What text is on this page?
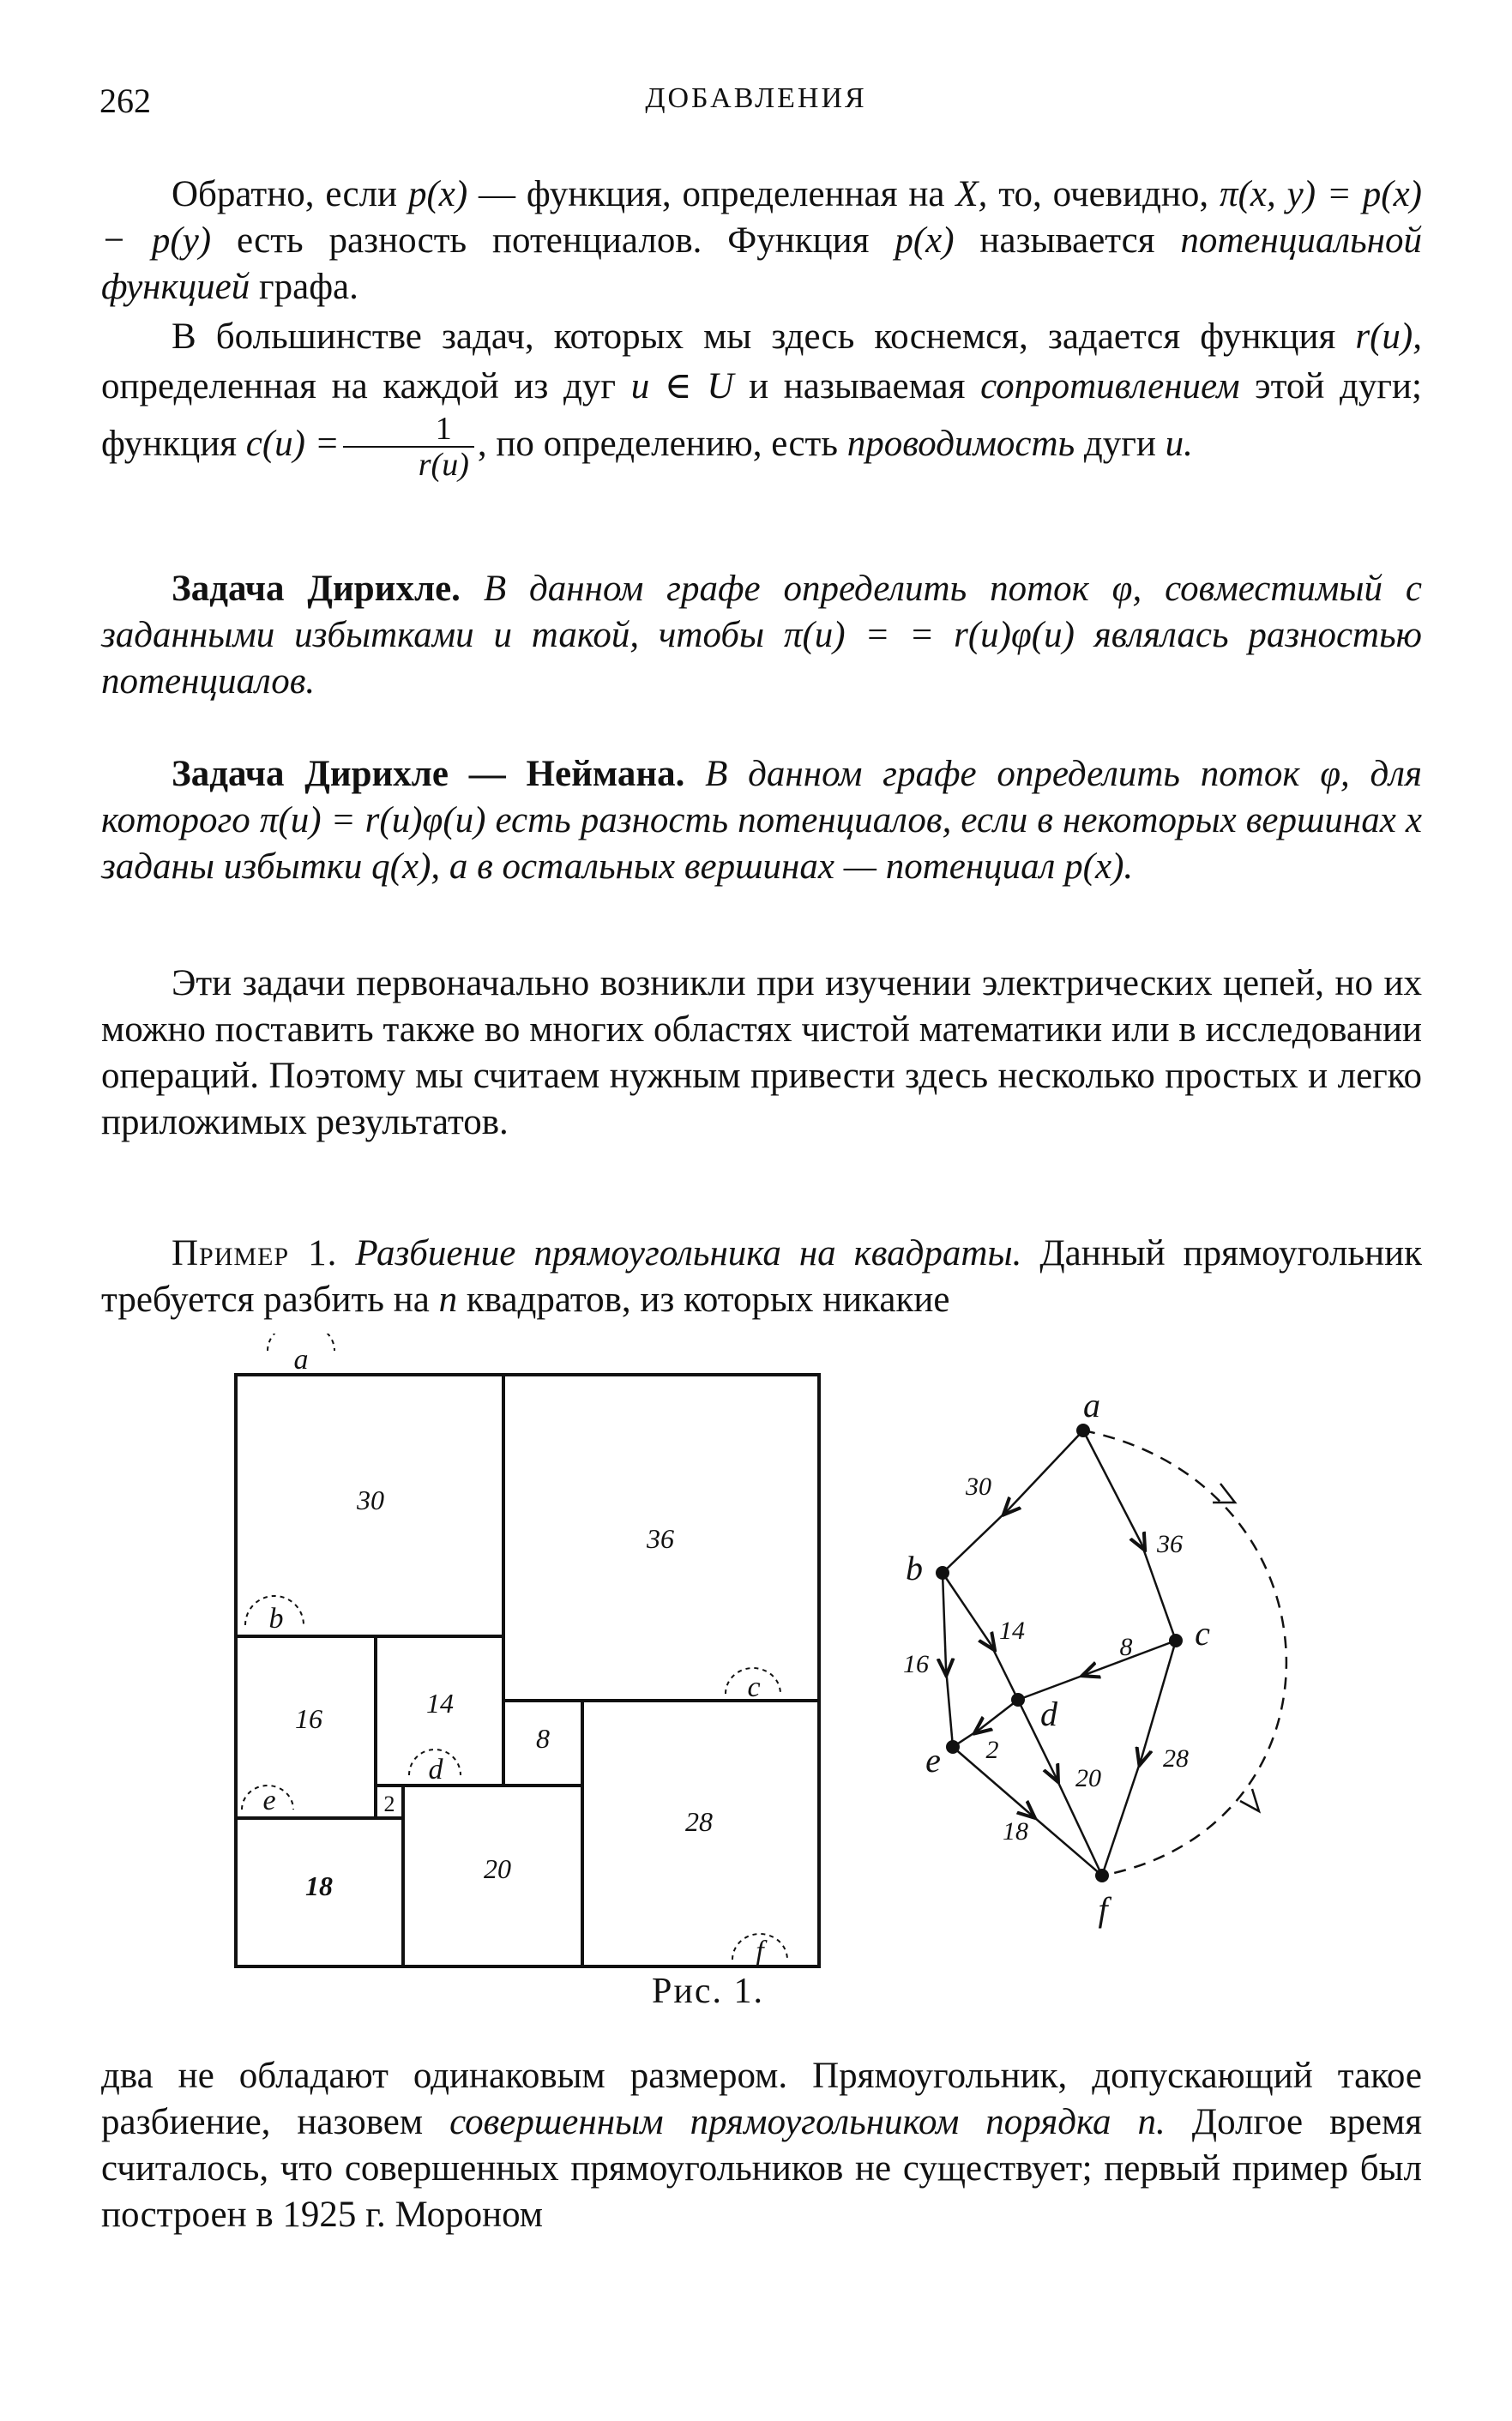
262	ДОБАВЛЕНИЯ

Обратно, если p(x) — функция, определенная на X, то, очевидно, π(x, y) = p(x) − p(y) есть разность потенциалов. Функция p(x) называется потенциальной функцией графа.

В большинстве задач, которых мы здесь коснемся, задается функция r(u), определенная на каждой из дуг u ∈ U и называемая сопротивлением этой дуги; функция $c(u) = \frac{1}{r(u)}$ , по определению, есть проводимость дуги u.

Задача Дирихле. В данном графе определить поток φ, совместимый с заданными избытками и такой, чтобы π(u) = = r(u)φ(u) являлась разностью потенциалов.

Задача Дирихле — Неймана. В данном графе определить поток φ, для которого π(u) = r(u)φ(u) есть разность потенциалов, если в некоторых вершинах x заданы избытки q(x), а в остальных вершинах — потенциал p(x).

Эти задачи первоначально возникли при изучении электрических цепей, но их можно поставить также во многих областях чистой математики или в исследовании операций. Поэтому мы считаем нужным привести здесь несколько простых и легко приложимых результатов.

Пример 1. Разбиение прямоугольника на квадраты. Данный прямоугольник требуется разбить на n квадратов, из которых никакие

30
36
16	14
8
2
28
18
20
a
b
e
d
c
f
a
b
c
d
e
f
30
36
14
8
16
2
20
28
18
Рис. 1.

два не обладают одинаковым размером. Прямоугольник, допускающий такое разбиение, назовем совершенным прямоугольником порядка n. Долгое время считалось, что совершенных прямоугольников не существует; первый пример был построен в 1925 г. Мороном
